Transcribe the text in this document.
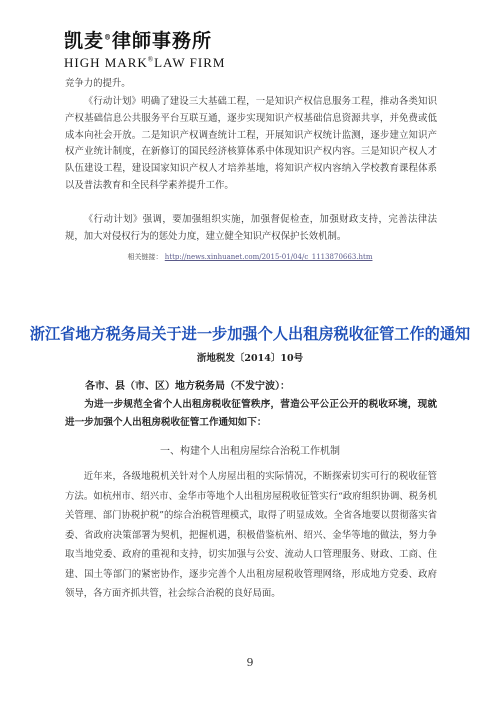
凯麦®律師事務所
HIGH MARK®LAW FIRM
竞争力的提升。
《行动计划》明确了建设三大基础工程，一是知识产权信息服务工程，推动各类知识产权基础信息公共服务平台互联互通，逐步实现知识产权基础信息资源共享，并免费或低成本向社会开放。二是知识产权调查统计工程，开展知识产权统计监测，逐步建立知识产权产业统计制度，在新修订的国民经济核算体系中体现知识产权内容。三是知识产权人才队伍建设工程，建设国家知识产权人才培养基地，将知识产权内容纳入学校教育课程体系以及普法教育和全民科学素养提升工作。
《行动计划》强调，要加强组织实施，加强督促检查，加强财政支持，完善法律法规，加大对侵权行为的惩处力度，建立健全知识产权保护长效机制。
相关链接： http://news.xinhuanet.com/2015-01/04/c_1113870663.htm
浙江省地方税务局关于进一步加强个人出租房税收征管工作的通知
浙地税发〔2014〕10号
各市、县（市、区）地方税务局（不发宁波）：
为进一步规范全省个人出租房税收征管秩序，营造公平公正公开的税收环境，现就进一步加强个人出租房税收征管工作通知如下：
一、构建个人出租房屋综合治税工作机制
近年来，各级地税机关针对个人房屋出租的实际情况，不断探索切实可行的税收征管方法。如杭州市、绍兴市、金华市等地个人出租房屋税收征管实行“政府组织协调、税务机关管理、部门协税护税”的综合治税管理模式，取得了明显成效。全省各地要以贯彻落实省委、省政府决策部署为契机，把握机遇，积极借鉴杭州、绍兴、金华等地的做法，努力争取当地党委、政府的重视和支持，切实加强与公安、流动人口管理服务、财政、工商、住建、国土等部门的紧密协作，逐步完善个人出租房屋税收管理网络，形成地方党委、政府领导，各方面齐抓共管，社会综合治税的良好局面。
9
